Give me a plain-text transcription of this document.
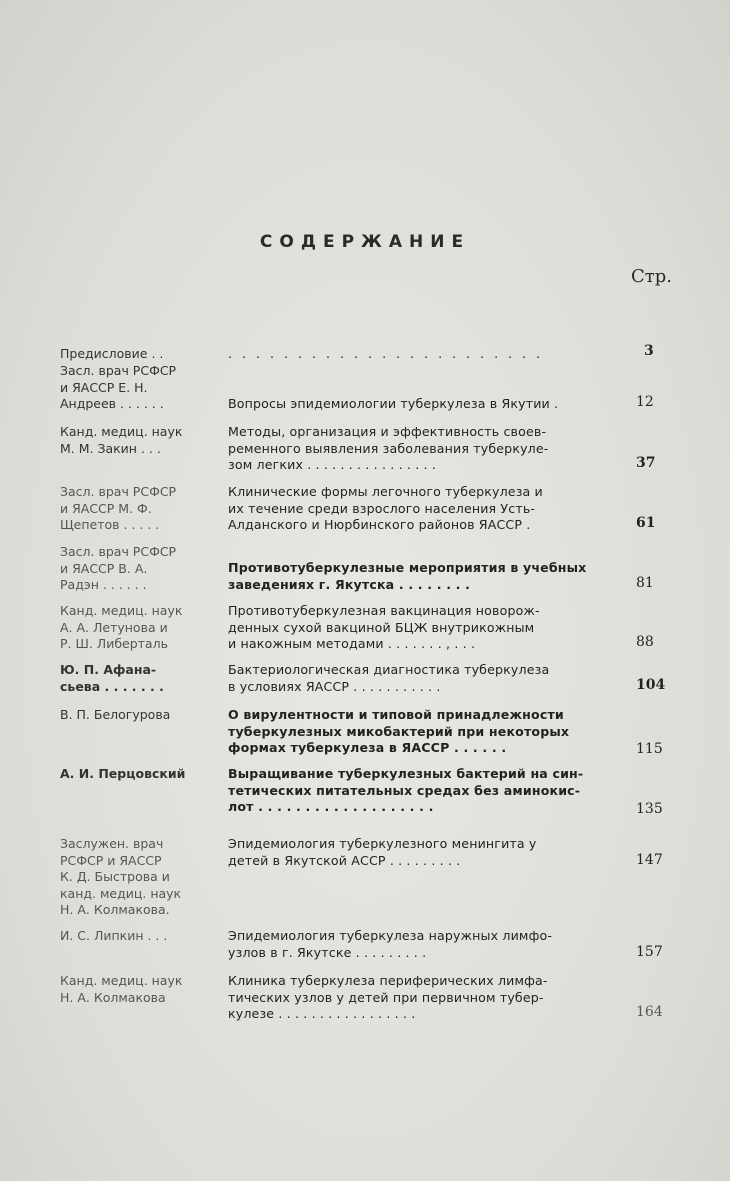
СОДЕРЖАНИЕ
Стр.
Предисловие . .	. . . . . . . . . . . . . . . . . . . . . . .	3
Засл. врач РСФСР
и ЯАССР Е. Н.
Андреев . . . . . .	Вопросы эпидемиологии туберкулеза в Якутии .	12
Канд. медиц. наук
М. М. Закин . . .
Методы, организация и эффективность своев-
ременного выявления заболевания туберкуле-
зом легких . . . . . . . . . . . . . . . .	37
Засл. врач РСФСР
и ЯАССР М. Ф.
Щепетов . . . . .
Клинические формы легочного туберкулеза и
их течение среди взрослого населения Усть-
Алданского и Нюрбинского районов ЯАССР .	61
Засл. врач РСФСР
и ЯАССР В. А.
Радэн . . . . . .
Противотуберкулезные мероприятия в учебных
заведениях г. Якутска . . . . . . . .	81
Канд. медиц. наук
А. А. Летунова и
Р. Ш. Либерталь
Противотуберкулезная вакцинация новорож-
денных сухой вакциной БЦЖ внутрикожным
и накожным методами . . . . . . . , . . .	88
Ю. П. Афана-
сьева . . . . . . .
Бактериологическая диагностика туберкулеза
в условиях ЯАССР . . . . . . . . . . .	104
В. П. Белогурова	О вирулентности и типовой принадлежности
туберкулезных микобактерий при некоторых
формах туберкулеза в ЯАССР . . . . . .	115
А. И. Перцовский	Выращивание туберкулезных бактерий на син-
тетических питательных средах без аминокис-
лот . . . . . . . . . . . . . . . . . . .	135
Заслужен. врач
РСФСР и ЯАССР
К. Д. Быстрова и
канд. медиц. наук
Н. А. Колмакова.
Эпидемиология туберкулезного менингита у
детей в Якутской АССР . . . . . . . . .	147
И. С. Липкин . . .	Эпидемиология туберкулеза наружных лимфо-
узлов в г. Якутске . . . . . . . . .	157
Канд. медиц. наук
Н. А. Колмакова
Клиника туберкулеза периферических лимфа-
тических узлов у детей при первичном тубер-
кулезе . . . . . . . . . . . . . . . . .	164
